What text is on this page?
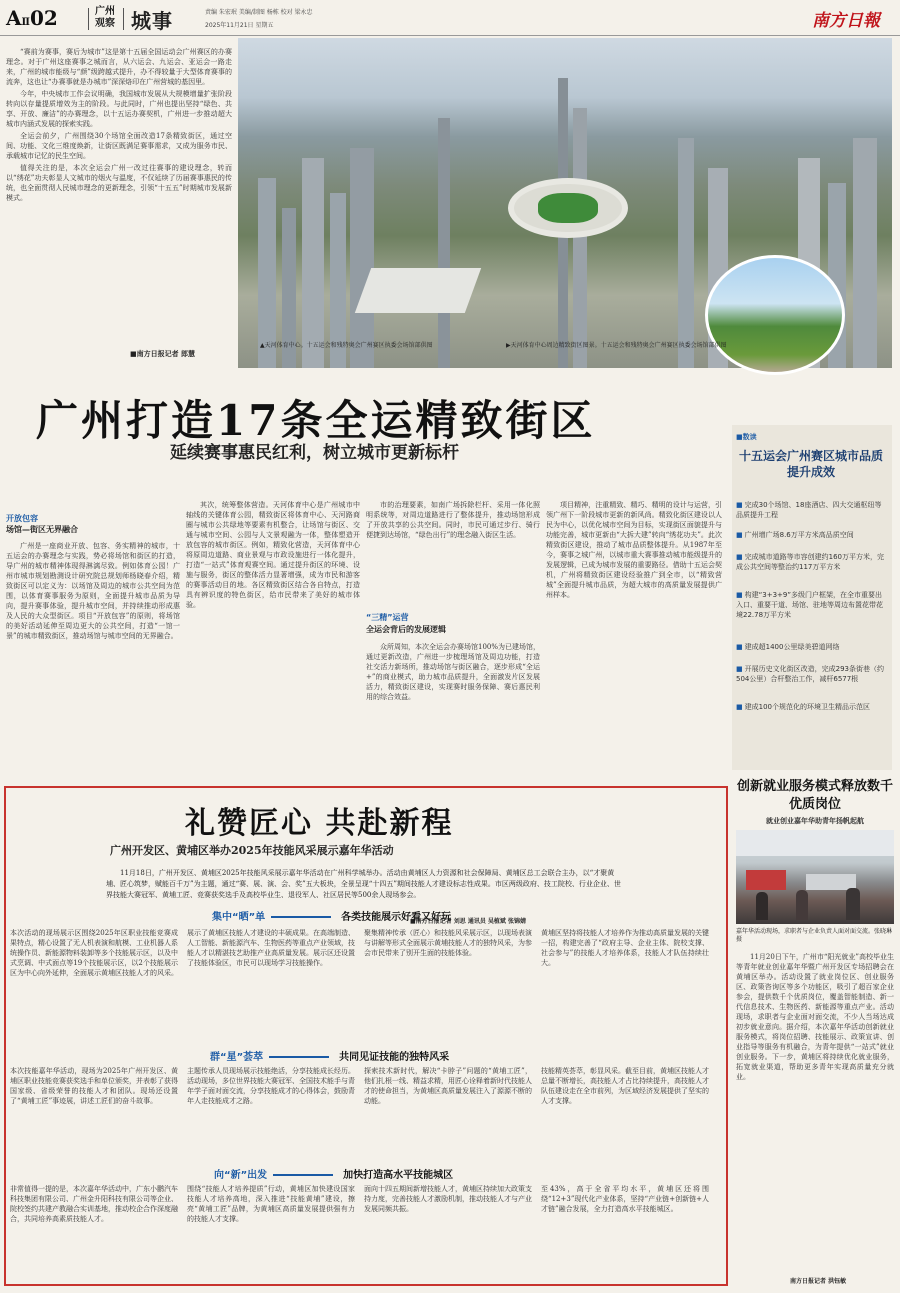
AⅡ02	广州观察 城事	责编 朱宏珉 美编/制图 杨栋 校对 梁永忠
2025年11月21日 星期五	南方日報

“赛前为赛事，赛后为城市”这是第十五届全国运动会广州赛区的办赛理念。对于广州这座赛事之城而言，从六运会、九运会、亚运会一路走来，广州的城市能级与“颜”级跨越式提升，办不得较量于大型体育赛事的流奔，这也让“办赛事就是办城市”深深烙印在广州营城的基因里。

今年，中央城市工作会议明确，我国城市发展从大规模增量扩张阶段转向以存量提质增效为主的阶段。与此同时，广州也提出坚持“绿色、共享、开放、廉洁”的办赛理念，以十五运办赛契机，广州进一步推动超大城市内涵式发展的探索实践。

全运会前夕，广州围绕30个场馆全面改造17条精致街区，通过空间、功能、文化三维度焕新，让街区既满足赛事需求，又成为服务市民、承载城市记忆的民生空间。

值得关注的是，本次全运会广州一改过往赛事的建设理念，转而以“绣花”功夫彰显人文城市的烟火与温度，不仅延续了历届赛事惠民的传统，也全面贯彻人民城市理念的更新理念，引领“十五五”时期城市发展新模式。

■南方日报记者 郎慧
▲天河体育中心。十五运会和残特奥会广州赛区执委会场馆部供图	▶天河体育中心周边精致街区图景。十五运会和残特奥会广州赛区执委会场馆部供图
广州打造17条全运精致街区
延续赛事惠民红利，树立城市更新标杆
开放包容
场馆—街区无界融合

广州是一座商业开放、包容、务实精神的城市，十五运会的办赛理念与实践，势必将场馆和街区的打造，导广州的城市精神体现得淋漓尽致。例如体育公园！广州市城市规划勘测设计研究院总规划师杨晓春介绍，精致街区可以定义为：以场馆及周边的城市公共空间为范围，以体育赛事服务为原则，全面提升城市品质为导向，提升赛事体验，提升城市空间，并持续推动形成惠及人民的大众型街区。项目“开放包容”的原则，将场馆的美好活动延伸至周边更大的公共空间，打造“一馆一景”的城市精致街区，推动场馆与城市空间的无界融合。

其次，统筹整体营造。天河体育中心是广州城市中轴线的关键体育公园，精致街区将体育中心、天河路商圈与城市公共绿地等要素有机整合，让场馆与街区、交通与城市空间、公园与人文景观融为一体，整体塑造开放包容的城市街区。例如，精致化营造，天河体育中心将原周边道路、商业景观与市政设施进行一体化提升，打造“一站式”体育观赛空间。通过提升街区的环境、设施与服务，街区的整体活力显著增强，成为市民和游客的赛事活动目的地。各区精致街区结合各自特点，打造具有辨识度的特色街区，给市民带来了美好的城市体验。

市的治理要素，如南广场拆除栏杆、采用一体化照明系统等，对周边道路进行了整体提升，推动场馆形成了开放共享的公共空间。同时，市民可通过步行、骑行便捷到达场馆，“绿色出行”的理念融入街区生活。

“三精”运营
全运会背后的发展逻辑

众所周知，本次全运会办赛场馆100%为已建场馆，通过更新改造，广州进一步梳理场馆及周边功能，打造社交活力新场所，推动场馆与街区融合，逐步形成“全运+”的商业模式，助力城市品质提升，全面激发片区发展活力，精致街区建设，实现赛时服务保障、赛后惠民利用的综合效益。

项目精神，注重精致、精巧、精明的设计与运营，引领广州下一阶段城市更新的新风尚。精致化街区建设以人民为中心，以优化城市空间为目标，实现街区面貌提升与功能完善，城市更新由“大拆大建”转向“绣花功夫”。此次精致街区建设，推动了城市品质整体提升。从1987年至今，赛事之城广州，以城市重大赛事推动城市能级提升的发展逻辑，已成为城市发展的重要路径。借助十五运会契机，广州将精致街区建设经验推广到全市，以“精致营城”全面提升城市品质，为超大城市的高质量发展提供广州样本。

■数读
十五运会广州赛区城市品质提升成效
■ 完成30个场馆、18座酒店、四大交通枢纽等品质提升工程
■ 广州增广场8.6万平方米高品质空间
■ 完成城市道路等市容创建约160万平方米，完成公共空间等整治约117万平方米
■ 构建“3+3+9”多级门户框架，在全市重要出入口、重要干道、场馆、驻地等周边布置花带花境22.78万平方米
■ 建成超1400公里绿美碧道网络
■ 开展历史文化街区改造，完成293条街巷（约504公里）合杆整治工作，减杆6577根
■ 建成100个规范化的环境卫生精品示范区
礼赞匠心 共赴新程
广州开发区、黄埔区举办2025年技能风采展示嘉年华活动
11月18日，广州开发区、黄埔区2025年技能风采展示嘉年华活动在广州科学城举办。活动由黄埔区人力资源和社会保障局、黄埔区总工会联合主办，以“才聚黄埔、匠心筑梦，赋能百千万”为主题，通过“赛、展、演、会、奖”五大板块，全景呈现“十四五”期间技能人才建设标志性成果。市区两级政府、技工院校、行业企业、世界技能大赛冠军、黄埔工匠、竞赛获奖选手及高校毕业生、退役军人、社区居民等500余人现场参会。
■南方日报记者 刘思 通讯员 吴植斌 张锦婧
集中“晒”单	各类技能展示好看又好玩
群“星”荟萃	共同见证技能的独特风采
向“新”出发	加快打造高水平技能城区
本次活动的现场展示区围绕2025年区职业技能竞赛成果特点，精心设置了无人机表演和航模、工业机器人系统操作员、新能源物料装卸等多个技能展示区，以及中式烹调、中式面点等19个技能展示区，以2个技能展示区为中心向外延伸，全面展示黄埔区技能人才的风采。
展示了黄埔区技能人才建设的丰硕成果。在高端制造、人工智能、新能源汽车、生物医药等重点产业领域，技能人才以精湛技艺助推产业高质量发展。展示区还设置了技能体验区，市民可以现场学习技能操作。
聚集精神传承（匠心）和技能风采展示区，以现场表演与讲解等形式全面展示黄埔技能人才的独特风采，为参会市民带来了别开生面的技能体验。
黄埔区坚持将技能人才培养作为推动高质量发展的关键一招，构建完善了“政府主导、企业主体、院校支撑、社会参与”的技能人才培养体系，技能人才队伍持续壮大。
本次技能嘉年华活动，现场为2025年广州开发区、黄埔区职业技能竞赛获奖选手和单位颁奖，并表彰了获得国家级、省级荣誉的技能人才和团队。现场还设置了“黄埔工匠”事迹展，讲述工匠们的奋斗故事。
主题传承人员现场展示技能绝活，分享技能成长经历。活动现场，多位世界技能大赛冠军、全国技术能手与青年学子面对面交流，分享技能成才的心得体会，鼓励青年人走技能成才之路。
探索技术新时代，解决“卡脖子”问题的“黄埔工匠”，他们扎根一线、精益求精，用匠心诠释着新时代技能人才的使命担当，为黄埔区高质量发展注入了源源不断的动能。
技能精英荟萃，彰显风采。截至目前，黄埔区技能人才总量不断增长，高技能人才占比持续提升，高技能人才队伍建设走在全市前列，为区域经济发展提供了坚实的人才支撑。
非常值得一提的是，本次嘉年华活动中，广东小鹏汽车科技集团有限公司、广州金升阳科技有限公司等企业、院校签约共建产教融合实训基地，推动校企合作深度融合，共同培养高素质技能人才。
围绕“技能人才培养提质”行动，黄埔区加快建设国家技能人才培养高地，深入推进“技能黄埔”建设，擦亮“黄埔工匠”品牌，为黄埔区高质量发展提供强有力的技能人才支撑。
面向十四五期间新增技能人才，黄埔区持续加大政策支持力度，完善技能人才激励机制，推动技能人才与产业发展同频共振。
至43%，高于全省平均水平，黄埔区还将围绕“12+3”现代化产业体系，坚持“产业链+创新链+人才链”融合发展，全力打造高水平技能城区。
创新就业服务模式释放数千优质岗位
就业创业嘉年华助青年扬帆起航
嘉年华活动现场，求职者与企业负责人面对面交流。张晓琳 摄

11月20日下午，广州市“阳光就业”高校毕业生等青年就业创业嘉年华暨广州开发区专场招聘会在黄埔区举办。活动设置了就业岗位区、创业服务区、政策咨询区等多个功能区，吸引了超百家企业参会，提供数千个优质岗位，覆盖智能制造、新一代信息技术、生物医药、新能源等重点产业。活动现场，求职者与企业面对面交流，不少人当场达成初步就业意向。据介绍，本次嘉年华活动创新就业服务模式，将岗位招聘、技能展示、政策宣讲、创业指导等服务有机融合，为青年提供“一站式”就业创业服务。下一步，黄埔区将持续优化就业服务，拓宽就业渠道，帮助更多青年实现高质量充分就业。

南方日报记者 洪钰敏
